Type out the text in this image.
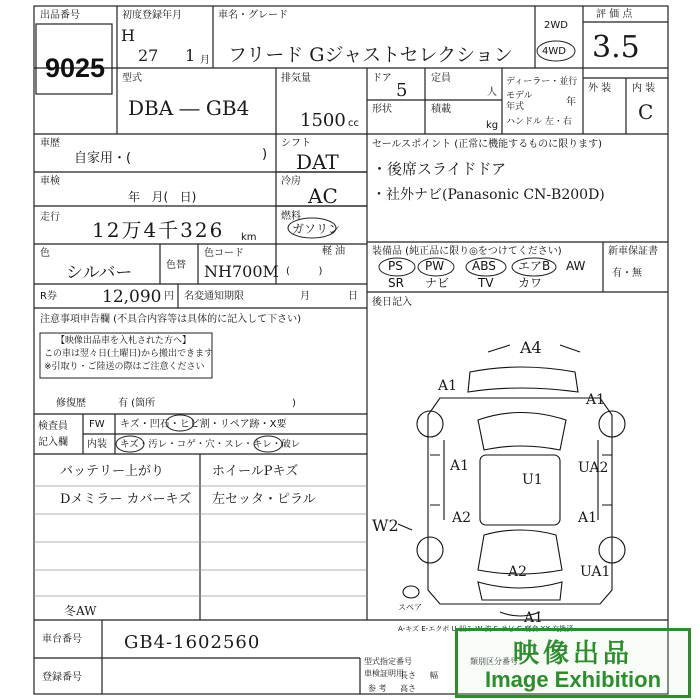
出品番号
9025
初度登録年月
H
27 1 月
車名・グレード
フリード Gジャストセレクション
2WD
4WD
評 価 点
3.5
外 装 内 装
C
型式
DBA ― GB4
排気量
1500 cc
ドア
5
定員
人
形状	積載
kg
ディーラー・並行
モデル 年式	年
ハンドル 左・右
車歴
自家用・(	)
車検
年   月(   日)
走行
12万4千326 km
シフト
DAT
冷房
AC
燃料
ガソリン
軽 油
(         )
色
シルバー	色替
色コード
NH700M
R券	12,090 円 名変通知期限	月	日
注意事項申告欄 (不具合内容等は具体的に記入して下さい)
【映像出品車を入札された方へ】
この車は翌々日(土曜日)から搬出できます
※引取り・ご陸送の際はご注意ください
修復歴	有 (箇所	)
検査員
記入欄
FW キズ・凹石・ヒビ割・リペア跡・X要
内装 キズ・汚レ・コゲ・穴・スレ・キレ・破レ
バッテリー上がり
Dメミラー カバーキズ
ホイールPキズ
左セッタ・ピラル
冬AW
セールスポイント (正常に機能するものに限ります)
・後席スライドドア
・社外ナビ(Panasonic CN-B200D)
装備品 (純正品に限り◎をつけてください)
PS PW ABS エアB AW
SR ナビ TV カワ
新車保証書
有・無
後日記入
A4
A1
A1
A1
U1
UA2
A2	A1
A2	UA1
A1
W2
スペア
A-キズ E-エクボ U-凹み W-波 S-サビ C-腐食 XX-交換済
車台番号 GB4-1602560
登録番号
型式指定番号
車検証明用
参 考
長さ 幅
高さ
類別区分番号
映像出品
Image Exhibition
